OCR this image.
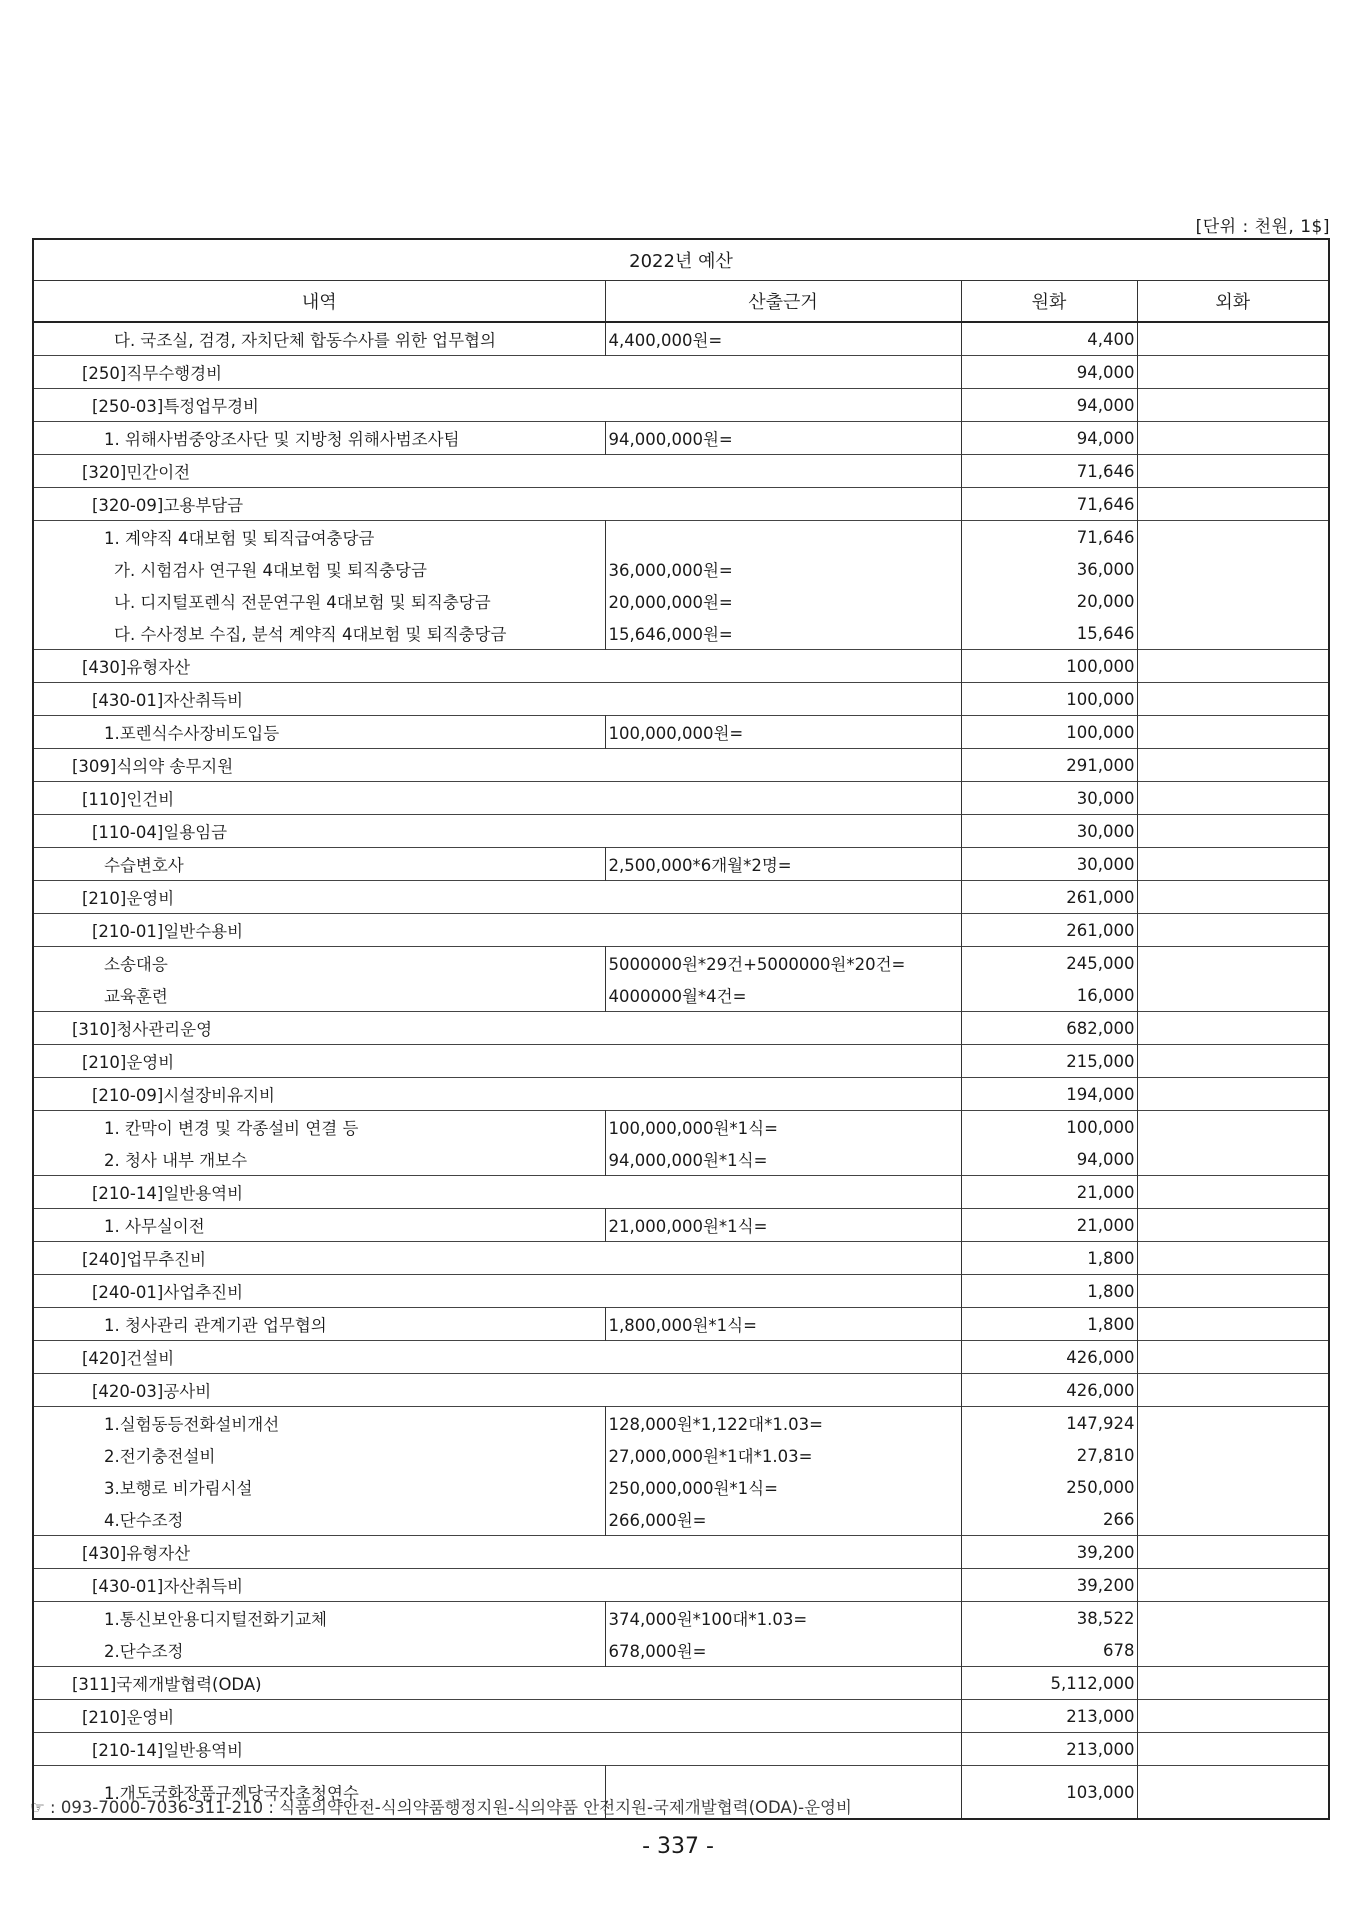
[단위 : 천원, 1$]
2022년 예산			
내역	산출근거	원화	외화
다. 국조실, 검경, 자치단체 합동수사를 위한 업무협의	4,400,000원=	4,400	
[250]직무수행경비		94,000	
[250-03]특정업무경비		94,000	
1. 위해사범중앙조사단 및 지방청 위해사범조사팀	94,000,000원=	94,000	
[320]민간이전		71,646	
[320-09]고용부담금		71,646	
1. 계약직 4대보험 및 퇴직급여충당금		71,646	
가. 시험검사 연구원 4대보험 및 퇴직충당금	36,000,000원=	36,000	
나. 디지털포렌식 전문연구원 4대보험 및 퇴직충당금	20,000,000원=	20,000	
다. 수사정보 수집, 분석 계약직 4대보험 및 퇴직충당금	15,646,000원=	15,646	
[430]유형자산		100,000	
[430-01]자산취득비		100,000	
1.포렌식수사장비도입등	100,000,000원=	100,000	
[309]식의약 송무지원		291,000	
[110]인건비		30,000	
[110-04]일용임금		30,000	
수습변호사	2,500,000*6개월*2명=	30,000	
[210]운영비		261,000	
[210-01]일반수용비		261,000	
소송대응	5000000원*29건+5000000원*20건=	245,000	
교육훈련	4000000월*4건=	16,000	
[310]청사관리운영		682,000	
[210]운영비		215,000	
[210-09]시설장비유지비		194,000	
1. 칸막이 변경 및 각종설비 연결 등	100,000,000원*1식=	100,000	
2. 청사 내부 개보수	94,000,000원*1식=	94,000	
[210-14]일반용역비		21,000	
1. 사무실이전	21,000,000원*1식=	21,000	
[240]업무추진비		1,800	
[240-01]사업추진비		1,800	
1. 청사관리 관계기관 업무협의	1,800,000원*1식=	1,800	
[420]건설비		426,000	
[420-03]공사비		426,000	
1.실험동등전화설비개선	128,000원*1,122대*1.03=	147,924	
2.전기충전설비	27,000,000원*1대*1.03=	27,810	
3.보행로 비가림시설	250,000,000원*1식=	250,000	
4.단수조정	266,000원=	266	
[430]유형자산		39,200	
[430-01]자산취득비		39,200	
1.통신보안용디지털전화기교체	374,000원*100대*1.03=	38,522	
2.단수조정	678,000원=	678	
[311]국제개발협력(ODA)		5,112,000	
[210]운영비		213,000	
[210-14]일반용역비		213,000	
1.개도국화장품규제당국자초청연수		103,000	
☞ : 093-7000-7036-311-210 : 식품의약안전-식의약품행정지원-식의약품 안전지원-국제개발협력(ODA)-운영비
- 337 -
